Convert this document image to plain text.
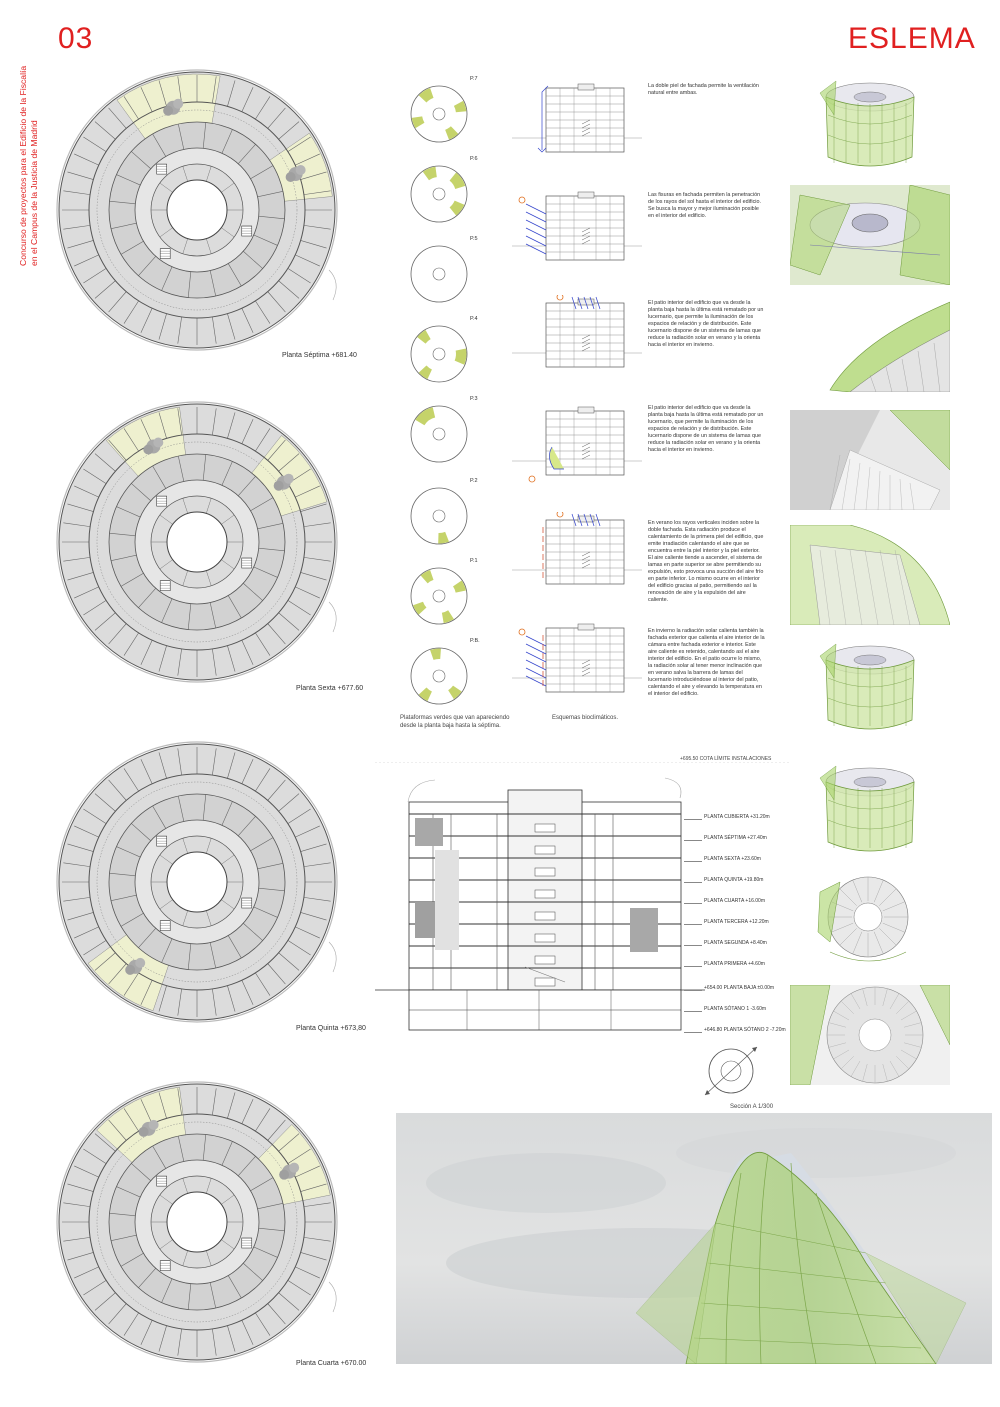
03	ESLEMA
Concurso de proyectos para el Edificio de la Fiscalía en el Campus de la Justicia de Madrid
Planta Séptima +681.40
Planta Sexta +677.60
Planta Quinta +673,80
Planta Cuarta +670.00
P.7
P.6
P.5
P.4
P.3
P.2
P.1
P.B.
Plataformas verdes que van apareciendo desde la planta baja hasta la séptima.
Esquemas bioclimáticos.
La doble piel de fachada permite la ventilación natural entre ambas.
Las fisuras en fachada permiten la penetración de los rayos del sol hasta el interior del edificio. Se busca la mayor y mejor iluminación posible en el interior del edificio.
El patio interior del edificio que va desde la planta baja hasta la última está rematado por un lucernario, que permite la iluminación de los espacios de relación y de distribución. Este lucernario dispone de un sistema de lamas que reduce la radiación solar en verano y la orienta hacia el interior en invierno.
El patio interior del edificio que va desde la planta baja hasta la última está rematado por un lucernario, que permite la iluminación de los espacios de relación y de distribución. Este lucernario dispone de un sistema de lamas que reduce la radiación solar en verano y la orienta hacia el interior en invierno.
En verano los rayos verticales inciden sobre la doble fachada. Esta radiación produce el calentamiento de la primera piel del edificio, que emite irradiación calentando el aire que se encuentra entre la piel interior y la piel exterior. El aire caliente tiende a ascender, el sistema de lamas en parte superior se abre permitiendo su expulsión, esto provoca una succión del aire frío en parte inferior. Lo mismo ocurre en el interior del edificio gracias al patio, permitiendo así la renovación de aire y la expulsión del aire caliente.
En invierno la radiación solar calienta también la fachada exterior que calienta el aire interior de la cámara entre fachada exterior e interior. Este aire caliente es retenido, calentando así el aire interior del edificio. En el patio ocurre lo mismo, la radiación solar al tener menor inclinación que en verano salva la barrera de lamas del lucernario introduciéndose al interior del patio, calentando el aire y elevando la temperatura en el interior del edificio.
+695.50 COTA LÍMITE INSTALACIONES
PLANTA CUBIERTA +31.20m
PLANTA SÉPTIMA +27.40m
PLANTA SEXTA +23.60m
PLANTA QUINTA +19.80m
PLANTA CUARTA +16.00m
PLANTA TERCERA +12.20m
PLANTA SEGUNDA +8.40m
PLANTA PRIMERA +4.60m
+654.00 PLANTA BAJA ±0.00m
PLANTA SÓTANO 1 -3.60m
+646.80 PLANTA SÓTANO 2 -7.20m
Sección A 1/300
